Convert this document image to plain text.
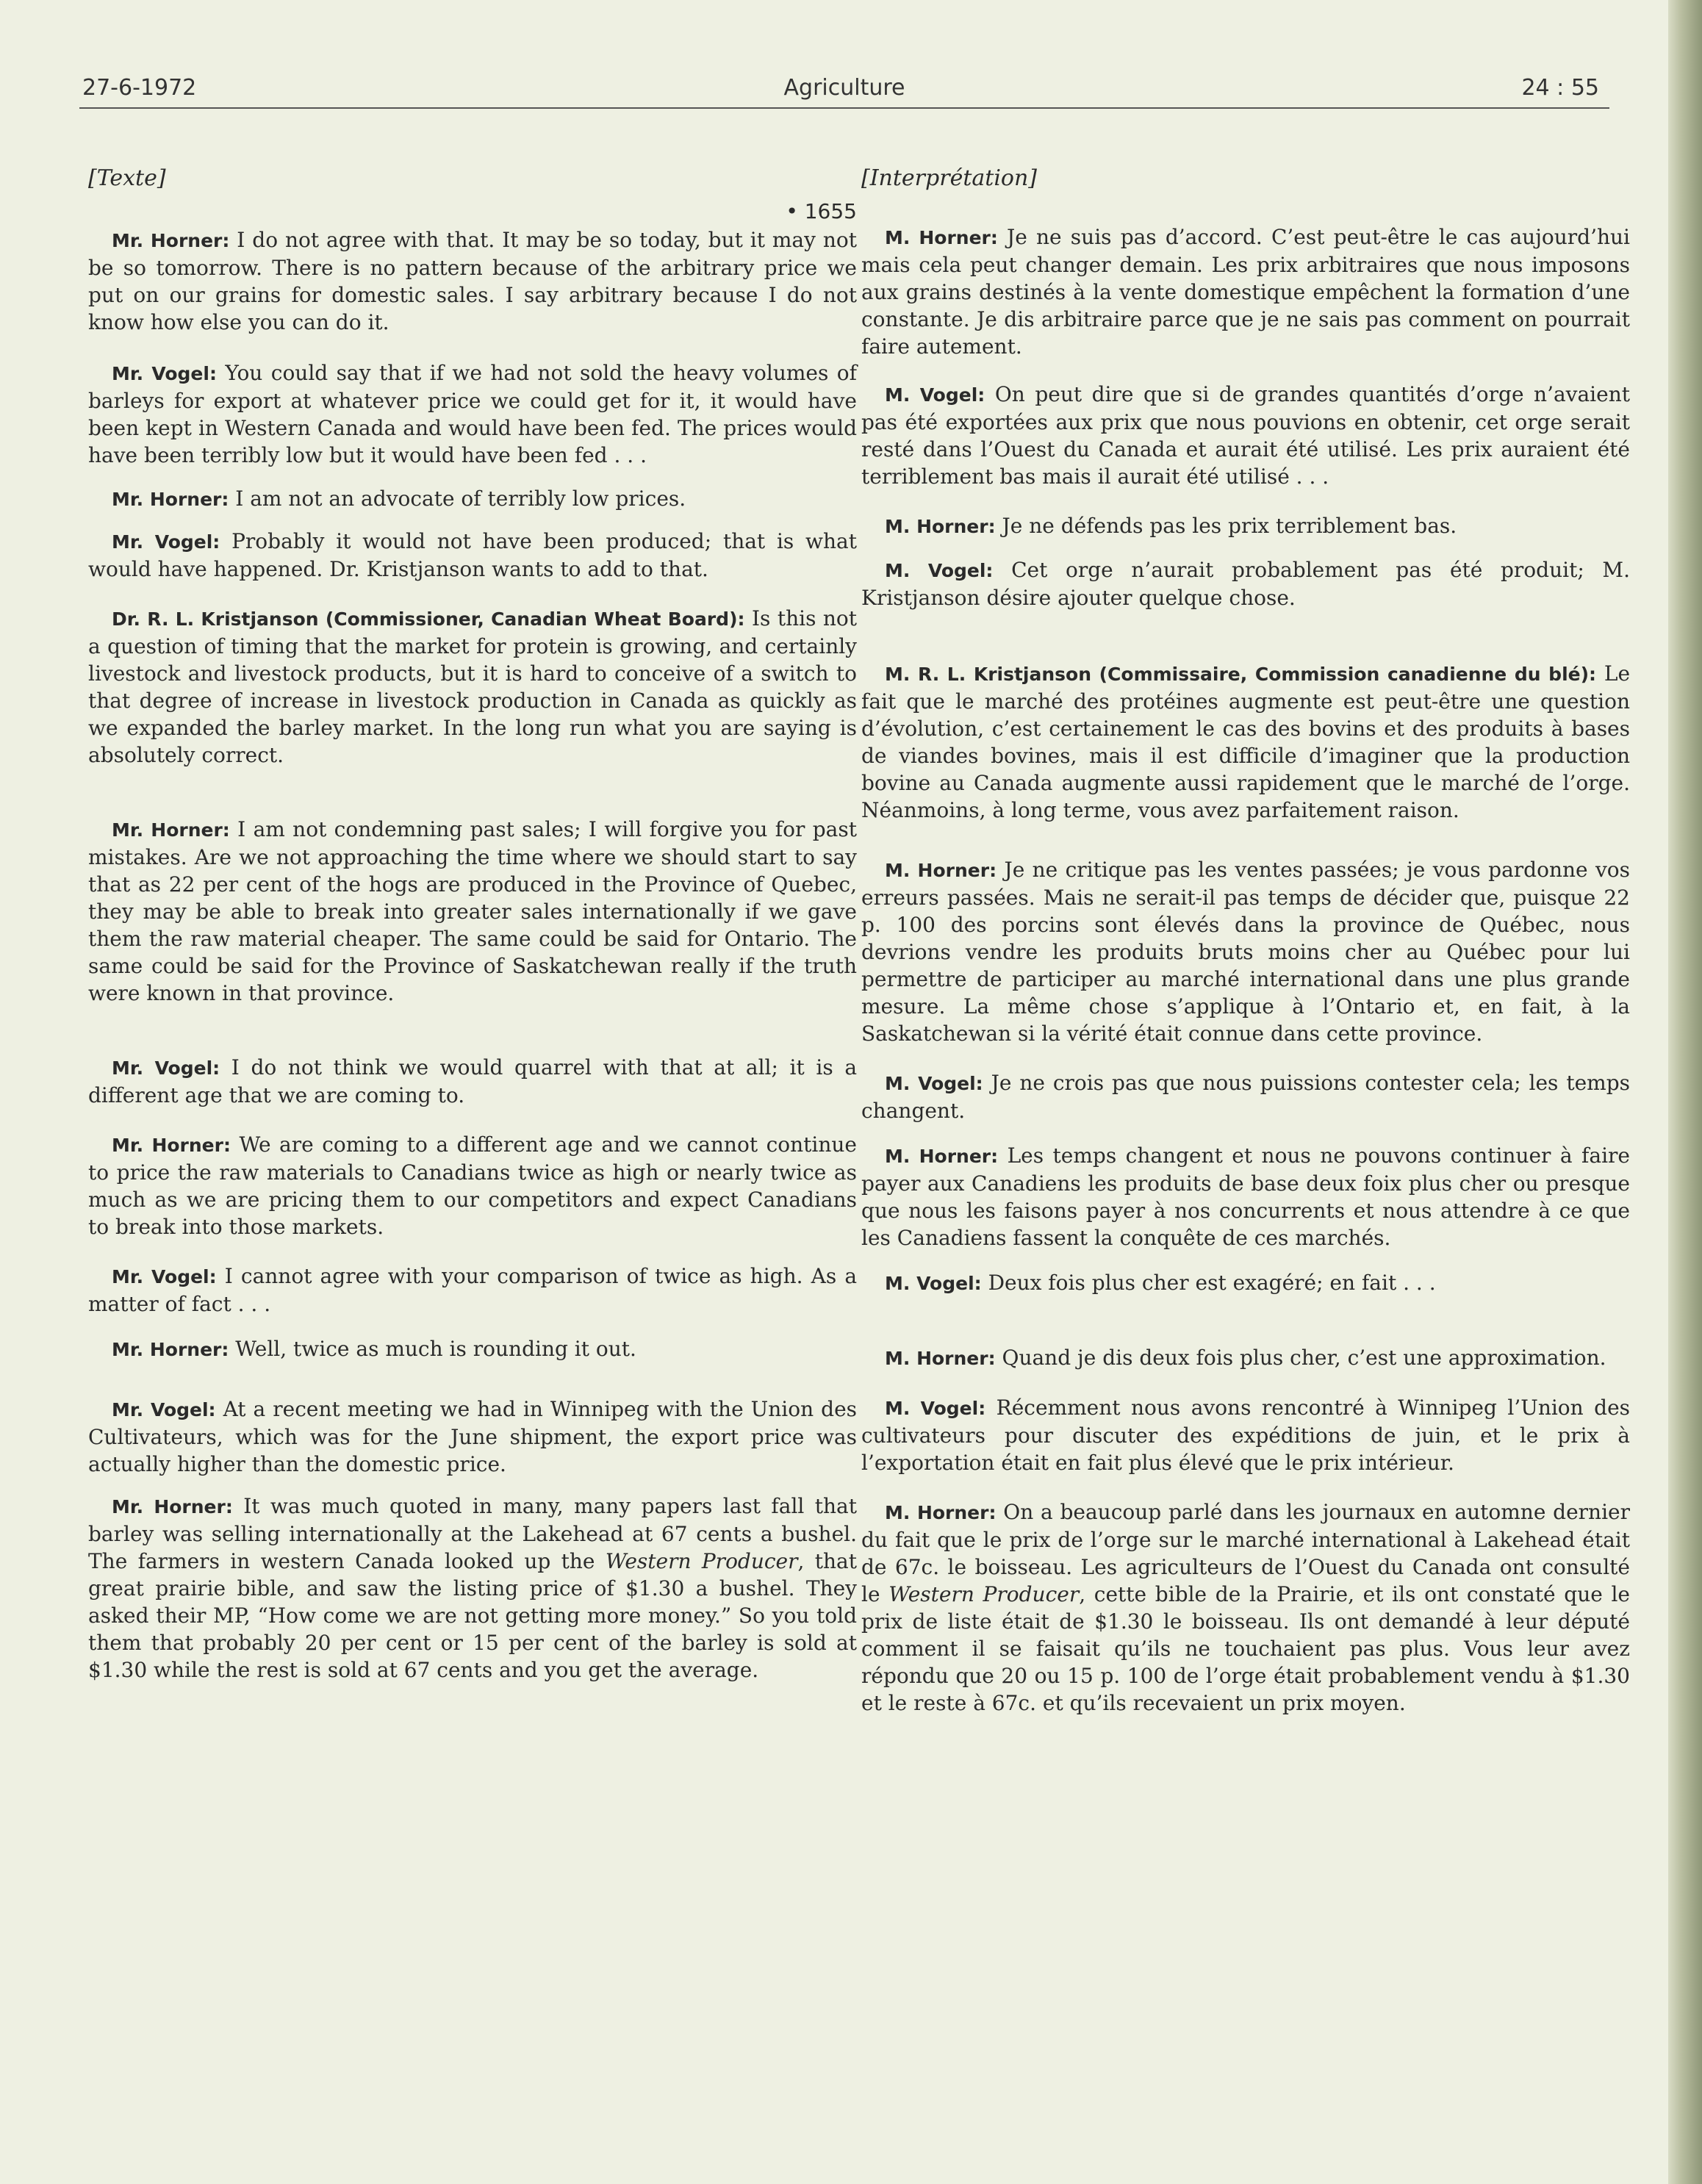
27-6-1972	Agriculture	24 : 55

[Texte]

• 1655

Mr. Horner: I do not agree with that. It may be so today, but it may not be so tomorrow. There is no pattern because of the arbitrary price we put on our grains for domestic sales. I say arbitrary because I do not know how else you can do it.

Mr. Vogel: You could say that if we had not sold the heavy volumes of barleys for export at whatever price we could get for it, it would have been kept in Western Canada and would have been fed. The prices would have been terribly low but it would have been fed . . .

Mr. Horner: I am not an advocate of terribly low prices.

Mr. Vogel: Probably it would not have been produced; that is what would have happened. Dr. Kristjanson wants to add to that.

Dr. R. L. Kristjanson (Commissioner, Canadian Wheat Board): Is this not a question of timing that the market for protein is growing, and certainly livestock and livestock products, but it is hard to conceive of a switch to that degree of increase in livestock production in Canada as quickly as we expanded the barley market. In the long run what you are saying is absolutely correct.

Mr. Horner: I am not condemning past sales; I will forgive you for past mistakes. Are we not approaching the time where we should start to say that as 22 per cent of the hogs are produced in the Province of Quebec, they may be able to break into greater sales internationally if we gave them the raw material cheaper. The same could be said for Ontario. The same could be said for the Province of Saskatchewan really if the truth were known in that province.

Mr. Vogel: I do not think we would quarrel with that at all; it is a different age that we are coming to.

Mr. Horner: We are coming to a different age and we cannot continue to price the raw materials to Canadians twice as high or nearly twice as much as we are pricing them to our competitors and expect Canadians to break into those markets.

Mr. Vogel: I cannot agree with your comparison of twice as high. As a matter of fact . . .

Mr. Horner: Well, twice as much is rounding it out.

Mr. Vogel: At a recent meeting we had in Winnipeg with the Union des Cultivateurs, which was for the June shipment, the export price was actually higher than the domestic price.

Mr. Horner: It was much quoted in many, many papers last fall that barley was selling internationally at the Lakehead at 67 cents a bushel. The farmers in western Canada looked up the Western Producer, that great prairie bible, and saw the listing price of $1.30 a bushel. They asked their MP, “How come we are not getting more money.” So you told them that probably 20 per cent or 15 per cent of the barley is sold at $1.30 while the rest is sold at 67 cents and you get the average.

[Interprétation]

M. Horner: Je ne suis pas d’accord. C’est peut-être le cas aujourd’hui mais cela peut changer demain. Les prix arbitraires que nous imposons aux grains destinés à la vente domestique empêchent la formation d’une constante. Je dis arbitraire parce que je ne sais pas comment on pourrait faire autement.

M. Vogel: On peut dire que si de grandes quantités d’orge n’avaient pas été exportées aux prix que nous pouvions en obtenir, cet orge serait resté dans l’Ouest du Canada et aurait été utilisé. Les prix auraient été terriblement bas mais il aurait été utilisé . . .

M. Horner: Je ne défends pas les prix terriblement bas.

M. Vogel: Cet orge n’aurait probablement pas été produit; M. Kristjanson désire ajouter quelque chose.

M. R. L. Kristjanson (Commissaire, Commission canadienne du blé): Le fait que le marché des protéines augmente est peut-être une question d’évolution, c’est certainement le cas des bovins et des produits à bases de viandes bovines, mais il est difficile d’imaginer que la production bovine au Canada augmente aussi rapidement que le marché de l’orge. Néanmoins, à long terme, vous avez parfaitement raison.

M. Horner: Je ne critique pas les ventes passées; je vous pardonne vos erreurs passées. Mais ne serait-il pas temps de décider que, puisque 22 p. 100 des porcins sont élevés dans la province de Québec, nous devrions vendre les produits bruts moins cher au Québec pour lui permettre de participer au marché international dans une plus grande mesure. La même chose s’applique à l’Ontario et, en fait, à la Saskatchewan si la vérité était connue dans cette province.

M. Vogel: Je ne crois pas que nous puissions contester cela; les temps changent.

M. Horner: Les temps changent et nous ne pouvons continuer à faire payer aux Canadiens les produits de base deux foix plus cher ou presque que nous les faisons payer à nos concurrents et nous attendre à ce que les Canadiens fassent la conquête de ces marchés.

M. Vogel: Deux fois plus cher est exagéré; en fait . . .

M. Horner: Quand je dis deux fois plus cher, c’est une approximation.

M. Vogel: Récemment nous avons rencontré à Winnipeg l’Union des cultivateurs pour discuter des expéditions de juin, et le prix à l’exportation était en fait plus élevé que le prix intérieur.

M. Horner: On a beaucoup parlé dans les journaux en automne dernier du fait que le prix de l’orge sur le marché international à Lakehead était de 67c. le boisseau. Les agriculteurs de l’Ouest du Canada ont consulté le Western Producer, cette bible de la Prairie, et ils ont constaté que le prix de liste était de $1.30 le boisseau. Ils ont demandé à leur député comment il se faisait qu’ils ne touchaient pas plus. Vous leur avez répondu que 20 ou 15 p. 100 de l’orge était probablement vendu à $1.30 et le reste à 67c. et qu’ils recevaient un prix moyen.
